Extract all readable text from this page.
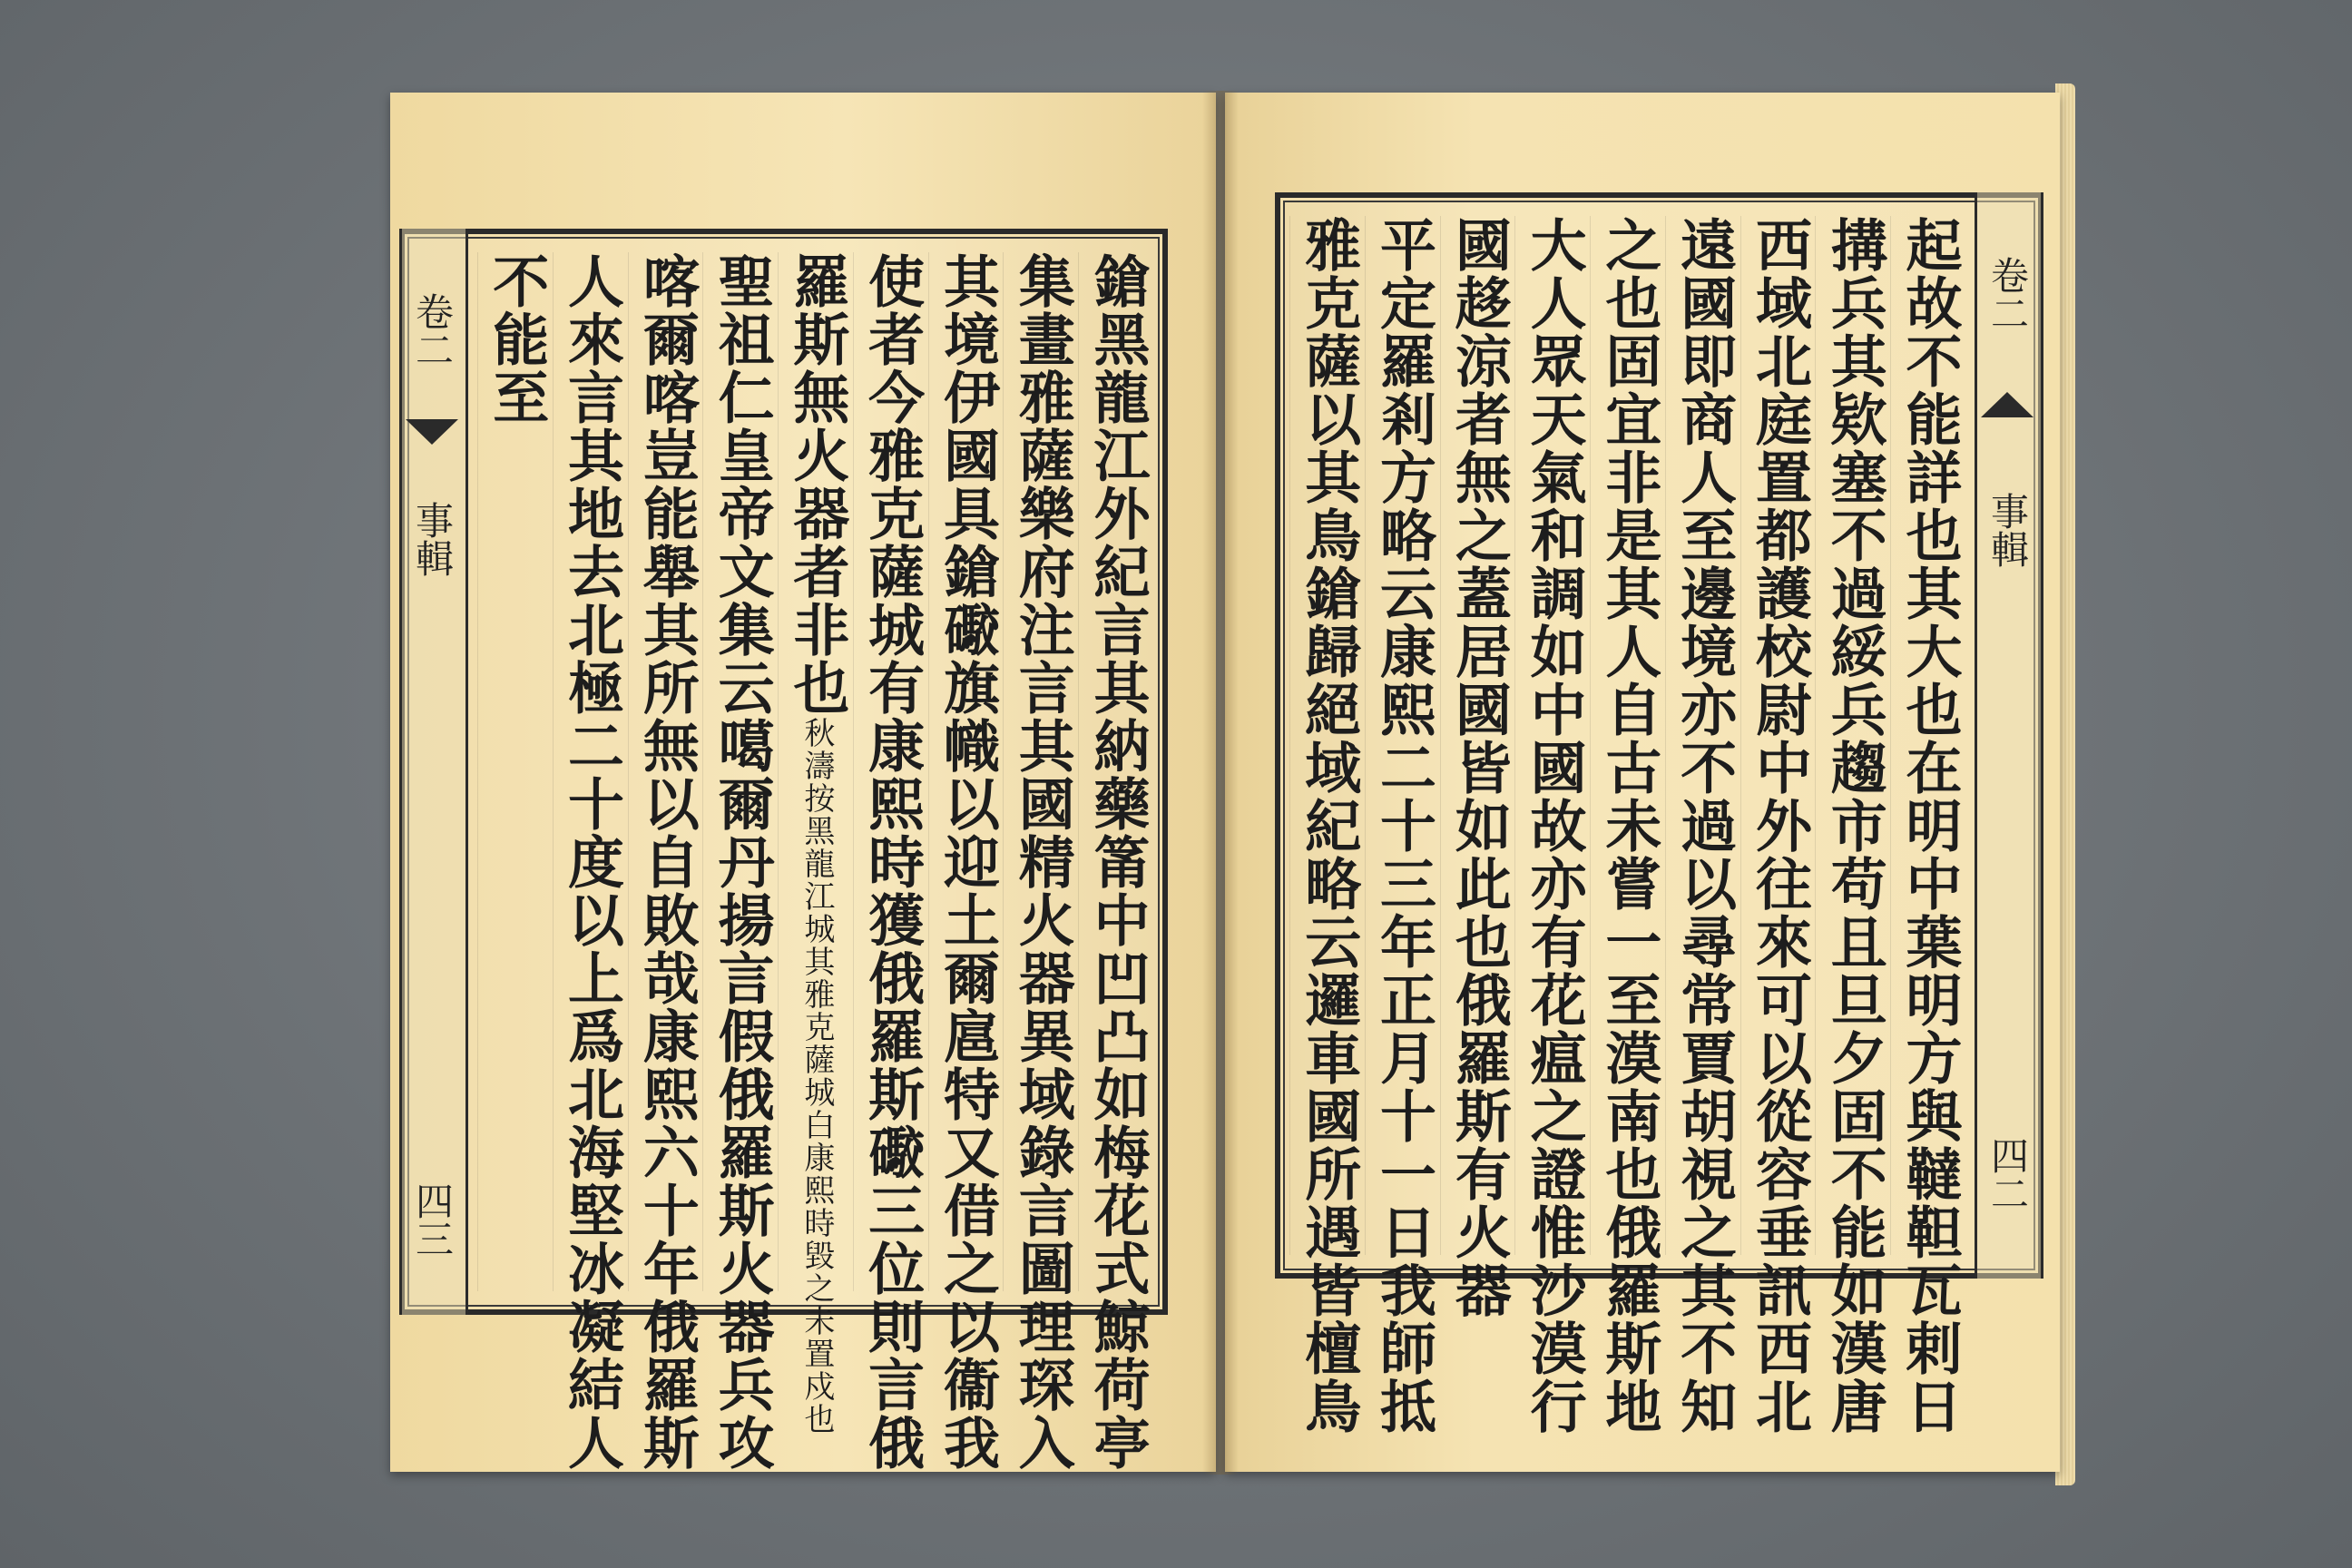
卷二
事輯
四三	鎗黑龍江外紀言其納藥筩中凹凸如梅花式鯨荷亭
集畫雅薩樂府注言其國精火器異域錄言圖理琛入
其境伊國具鎗礮旗幟以迎土爾扈特又借之以衞我
使者今雅克薩城有康熙時獲俄羅斯礮三位則言俄
羅斯無火器者非也秋濤按黑龍江城其雅克薩城白康熙時毀之未置戍也
聖祖仁皇帝文集云噶爾丹揚言假俄羅斯火器兵攻
喀爾喀豈能舉其所無以自敗哉康熙六十年俄羅斯
人來言其地去北極二十度以上爲北海堅冰凝結人
不能至	卷二
事輯
四二
起故不能詳也其大也在明中葉明方與韃靼瓦剌日
搆兵其欵塞不過綏兵趨市苟且旦夕固不能如漢唐
西域北庭置都護校尉中外往來可以從容垂訊西北
遠國即商人至邊境亦不過以尋常賈胡視之其不知
之也固宜非是其人自古未嘗一至漠南也俄羅斯地
大人眾天氣和調如中國故亦有花瘟之證惟沙漠行
國趍涼者無之蓋居國皆如此也俄羅斯有火器
平定羅剎方略云康熙二十三年正月十一日我師抵
雅克薩以其鳥鎗歸絕域紀略云邏車國所遇皆檀鳥
